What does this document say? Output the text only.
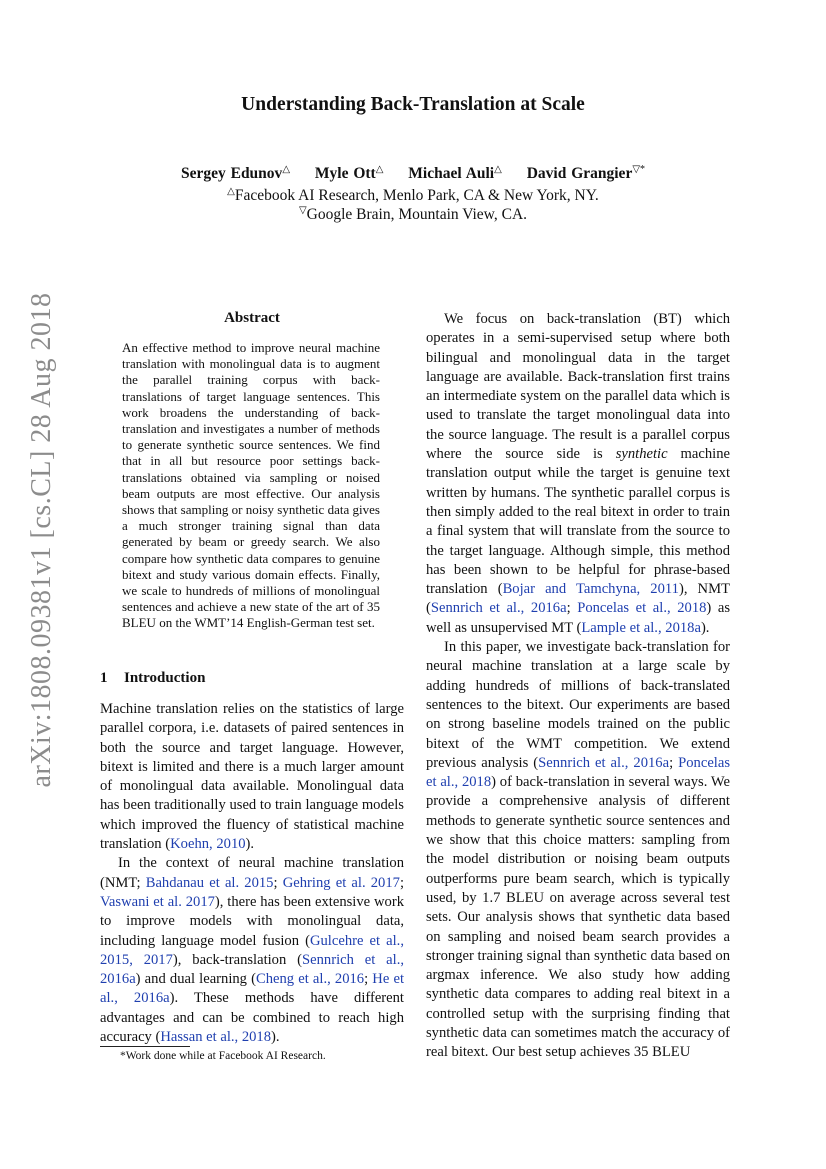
arXiv:1808.09381v1 [cs.CL] 28 Aug 2018
Understanding Back-Translation at Scale
Sergey Edunov△ Myle Ott△ Michael Auli△ David Grangier▽*
△Facebook AI Research, Menlo Park, CA & New York, NY.
▽Google Brain, Mountain View, CA.
Abstract
An effective method to improve neural machine translation with monolingual data is to augment the parallel training corpus with back-translations of target language sentences. This work broadens the understanding of back-translation and investigates a number of methods to generate synthetic source sentences. We find that in all but resource poor settings back-translations obtained via sampling or noised beam outputs are most effective. Our analysis shows that sampling or noisy synthetic data gives a much stronger training signal than data generated by beam or greedy search. We also compare how synthetic data compares to genuine bitext and study various domain effects. Finally, we scale to hundreds of millions of monolingual sentences and achieve a new state of the art of 35 BLEU on the WMT’14 English-German test set.
1 Introduction

Machine translation relies on the statistics of large parallel corpora, i.e. datasets of paired sentences in both the source and target language. However, bitext is limited and there is a much larger amount of monolingual data available. Monolingual data has been traditionally used to train language models which improved the fluency of statistical machine translation (Koehn, 2010).

In the context of neural machine translation (NMT; Bahdanau et al. 2015; Gehring et al. 2017; Vaswani et al. 2017), there has been extensive work to improve models with monolingual data, including language model fusion (Gulcehre et al., 2015, 2017), back-translation (Sennrich et al., 2016a) and dual learning (Cheng et al., 2016; He et al., 2016a). These methods have different advantages and can be combined to reach high accuracy (Hassan et al., 2018).

*Work done while at Facebook AI Research.

We focus on back-translation (BT) which operates in a semi-supervised setup where both bilingual and monolingual data in the target language are available. Back-translation first trains an intermediate system on the parallel data which is used to translate the target monolingual data into the source language. The result is a parallel corpus where the source side is synthetic machine translation output while the target is genuine text written by humans. The synthetic parallel corpus is then simply added to the real bitext in order to train a final system that will translate from the source to the target language. Although simple, this method has been shown to be helpful for phrase-based translation (Bojar and Tamchyna, 2011), NMT (Sennrich et al., 2016a; Poncelas et al., 2018) as well as unsupervised MT (Lample et al., 2018a).

In this paper, we investigate back-translation for neural machine translation at a large scale by adding hundreds of millions of back-translated sentences to the bitext. Our experiments are based on strong baseline models trained on the public bitext of the WMT competition. We extend previous analysis (Sennrich et al., 2016a; Poncelas et al., 2018) of back-translation in several ways. We provide a comprehensive analysis of different methods to generate synthetic source sentences and we show that this choice matters: sampling from the model distribution or noising beam outputs outperforms pure beam search, which is typically used, by 1.7 BLEU on average across several test sets. Our analysis shows that synthetic data based on sampling and noised beam search provides a stronger training signal than synthetic data based on argmax inference. We also study how adding synthetic data compares to adding real bitext in a controlled setup with the surprising finding that synthetic data can sometimes match the accuracy of real bitext. Our best setup achieves 35 BLEU
